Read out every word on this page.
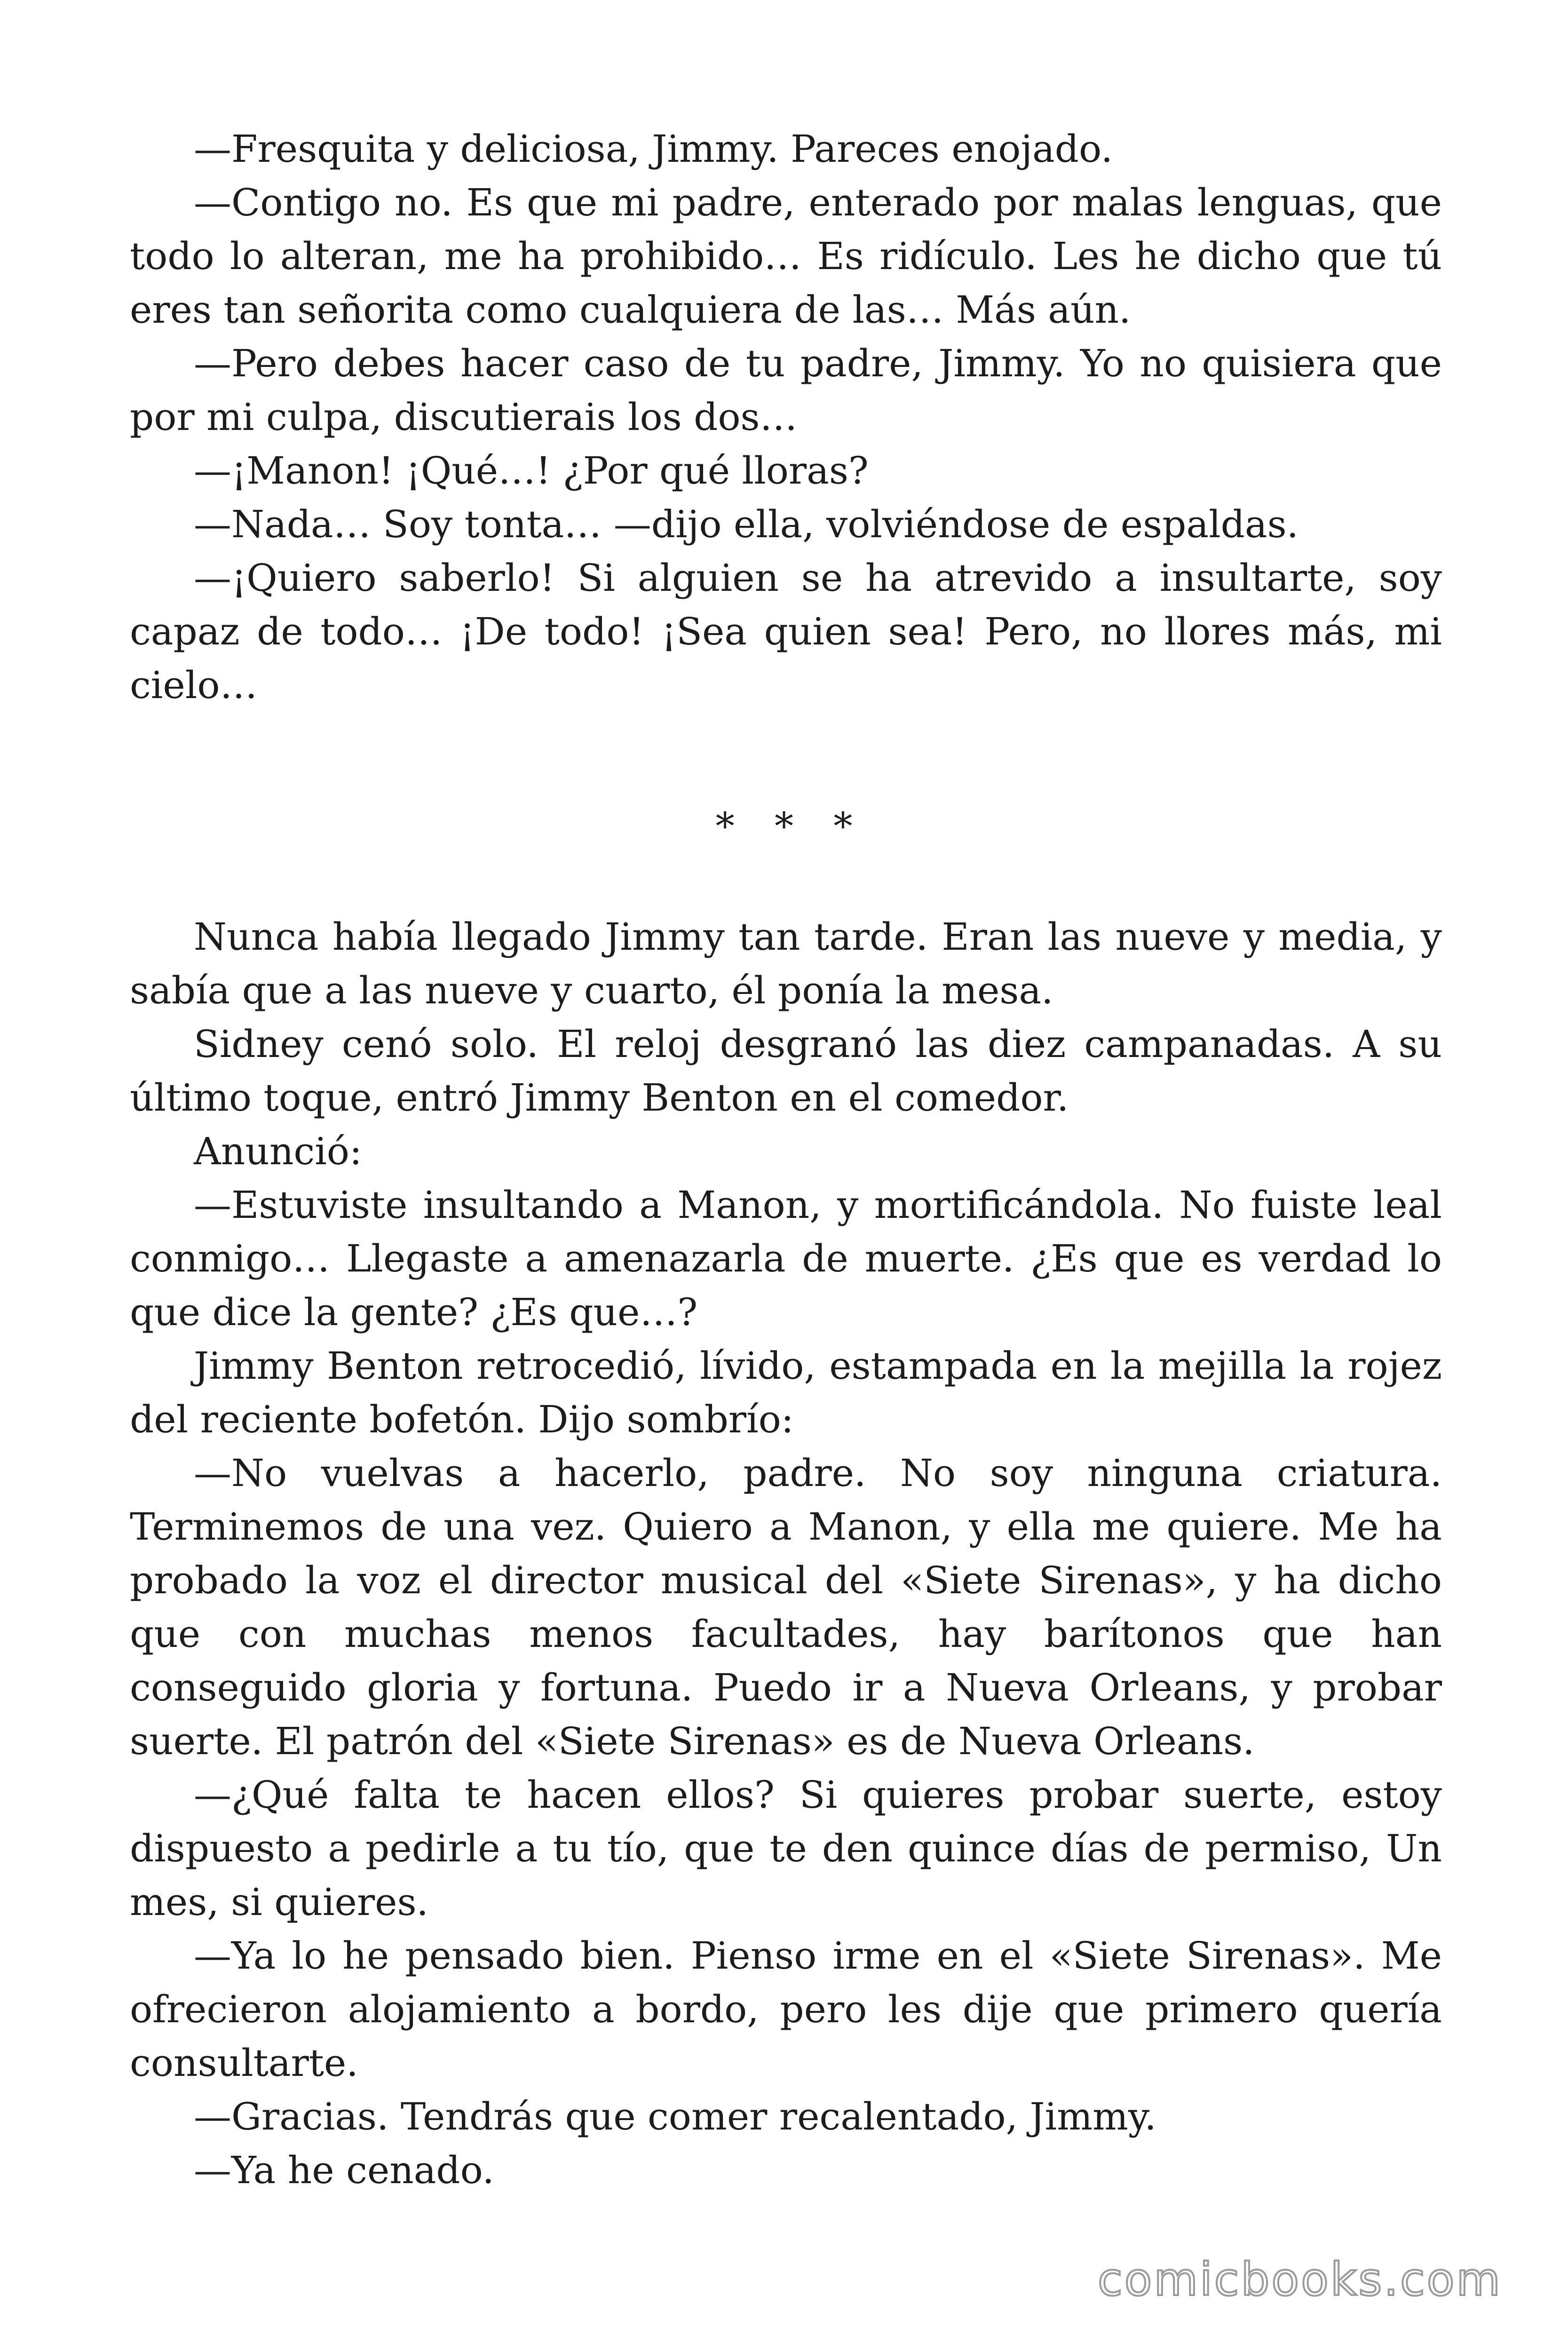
—Fresquita y deliciosa, Jimmy. Pareces enojado.

—Contigo no. Es que mi padre, enterado por malas lenguas, que todo lo alteran, me ha prohibido… Es ridículo. Les he dicho que tú eres tan señorita como cualquiera de las… Más aún.

—Pero debes hacer caso de tu padre, Jimmy. Yo no quisiera que por mi culpa, discutierais los dos…

—¡Manon! ¡Qué…! ¿Por qué lloras?

—Nada… Soy tonta… —dijo ella, volviéndose de espaldas.

—¡Quiero saberlo! Si alguien se ha atrevido a insultarte, soy capaz de todo… ¡De todo! ¡Sea quien sea! Pero, no llores más, mi cielo…

* * *

Nunca había llegado Jimmy tan tarde. Eran las nueve y media, y sabía que a las nueve y cuarto, él ponía la mesa.

Sidney cenó solo. El reloj desgranó las diez campanadas. A su último toque, entró Jimmy Benton en el comedor.

Anunció:

—Estuviste insultando a Manon, y mortificándola. No fuiste leal conmigo… Llegaste a amenazarla de muerte. ¿Es que es verdad lo que dice la gente? ¿Es que…?

Jimmy Benton retrocedió, lívido, estampada en la mejilla la rojez del reciente bofetón. Dijo sombrío:

—No vuelvas a hacerlo, padre. No soy ninguna criatura. Terminemos de una vez. Quiero a Manon, y ella me quiere. Me ha probado la voz el director musical del «Siete Sirenas», y ha dicho que con muchas menos facultades, hay barítonos que han conseguido gloria y fortuna. Puedo ir a Nueva Orleans, y probar suerte. El patrón del «Siete Sirenas» es de Nueva Orleans.

—¿Qué falta te hacen ellos? Si quieres probar suerte, estoy dispuesto a pedirle a tu tío, que te den quince días de permiso, Un mes, si quieres.

—Ya lo he pensado bien. Pienso irme en el «Siete Sirenas». Me ofrecieron alojamiento a bordo, pero les dije que primero quería consultarte.

—Gracias. Tendrás que comer recalentado, Jimmy.

—Ya he cenado.

comicbooks.com
